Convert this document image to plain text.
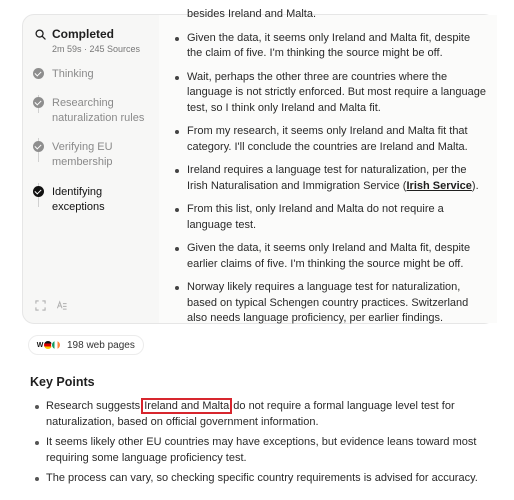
Completed
2m 59s · 245 Sources
Thinking
Researching naturalization rules
Verifying EU membership
Identifying exceptions
besides Ireland and Malta.
Given the data, it seems only Ireland and Malta fit, despite the claim of five. I'm thinking the source might be off.
Wait, perhaps the other three are countries where the language is not strictly enforced. But most require a language test, so I think only Ireland and Malta fit.
From my research, it seems only Ireland and Malta fit that category. I'll conclude the countries are Ireland and Malta.
Ireland requires a language test for naturalization, per the Irish Naturalisation and Immigration Service (Irish Service).
From this list, only Ireland and Malta do not require a language test.
Given the data, it seems only Ireland and Malta fit, despite earlier claims of five. I'm thinking the source might be off.
Norway likely requires a language test for naturalization, based on typical Schengen country practices. Switzerland also needs language proficiency, per earlier findings.
W 198 web pages
Key Points
Research suggests Ireland and Malta do not require a formal language level test for naturalization, based on official government information.
It seems likely other EU countries may have exceptions, but evidence leans toward most requiring some language proficiency test.
The process can vary, so checking specific country requirements is advised for accuracy.
